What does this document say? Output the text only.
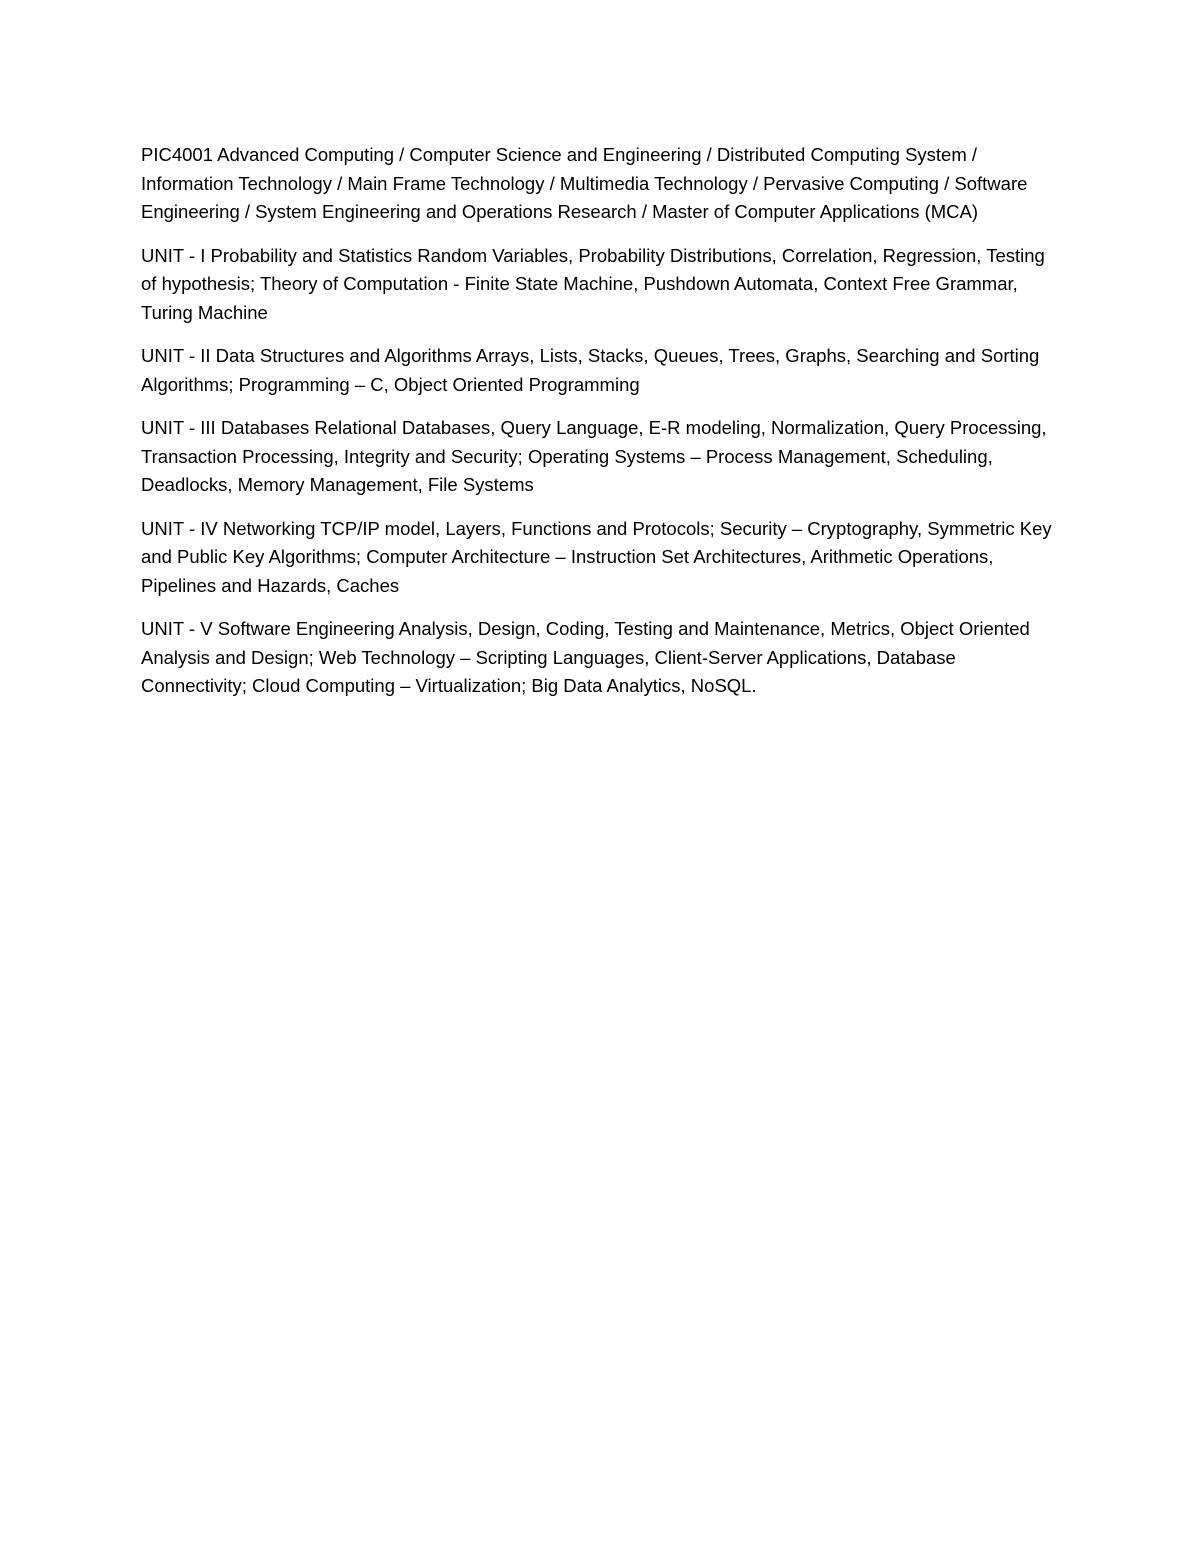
PIC4001 Advanced Computing / Computer Science and Engineering / Distributed Computing System / Information Technology / Main Frame Technology / Multimedia Technology / Pervasive Computing / Software Engineering / System Engineering and Operations Research / Master of Computer Applications (MCA)

UNIT - I Probability and Statistics Random Variables, Probability Distributions, Correlation, Regression, Testing of hypothesis; Theory of Computation - Finite State Machine, Pushdown Automata, Context Free Grammar, Turing Machine

UNIT - II Data Structures and Algorithms Arrays, Lists, Stacks, Queues, Trees, Graphs, Searching and Sorting Algorithms; Programming – C, Object Oriented Programming

UNIT - III Databases Relational Databases, Query Language, E-R modeling, Normalization, Query Processing, Transaction Processing, Integrity and Security; Operating Systems – Process Management, Scheduling, Deadlocks, Memory Management, File Systems

UNIT - IV Networking TCP/IP model, Layers, Functions and Protocols; Security – Cryptography, Symmetric Key and Public Key Algorithms; Computer Architecture – Instruction Set Architectures, Arithmetic Operations, Pipelines and Hazards, Caches

UNIT - V Software Engineering Analysis, Design, Coding, Testing and Maintenance, Metrics, Object Oriented Analysis and Design; Web Technology – Scripting Languages, Client-Server Applications, Database Connectivity; Cloud Computing – Virtualization; Big Data Analytics, NoSQL.
